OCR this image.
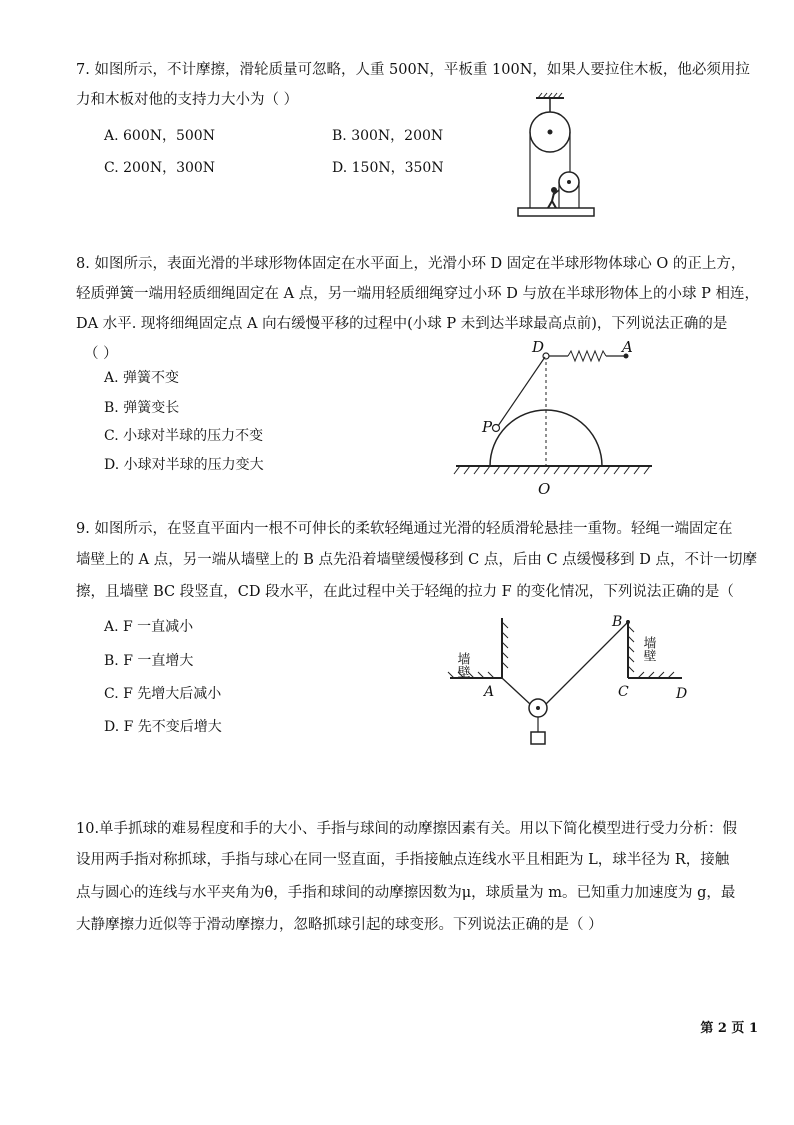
7. 如图所示，不计摩擦，滑轮质量可忽略，人重 500N，平板重 100N，如果人要拉住木板，他必须用拉
力和木板对他的支持力大小为（ ）
A. 600N，500N	B. 300N，200N
C. 200N，300N	D. 150N，350N
8. 如图所示，表面光滑的半球形物体固定在水平面上，光滑小环 D 固定在半球形物体球心 O 的正上方，
轻质弹簧一端用轻质细绳固定在 A 点，另一端用轻质细绳穿过小环 D 与放在半球形物体上的小球 P 相连，
DA 水平. 现将细绳固定点 A 向右缓慢平移的过程中(小球 P 未到达半球最高点前)，下列说法正确的是
（ ）
A. 弹簧不变
B. 弹簧变长
C. 小球对半球的压力不变
D. 小球对半球的压力变大
D	A
P
O
9. 如图所示，在竖直平面内一根不可伸长的柔软轻绳通过光滑的轻质滑轮悬挂一重物。轻绳一端固定在
墙壁上的 A 点，另一端从墙壁上的 B 点先沿着墙壁缓慢移到 C 点，后由 C 点缓慢移到 D 点，不计一切摩
擦，且墙壁 BC 段竖直，CD 段水平，在此过程中关于轻绳的拉力 F 的变化情况，下列说法正确的是（
A. F 一直减小
B. F 一直增大
C. F 先增大后减小
D. F 先不变后增大
墙壁
墙壁
A
B
C	D
10.单手抓球的难易程度和手的大小、手指与球间的动摩擦因素有关。用以下简化模型进行受力分析：假
设用两手指对称抓球，手指与球心在同一竖直面，手指接触点连线水平且相距为 L，球半径为 R，接触
点与圆心的连线与水平夹角为θ，手指和球间的动摩擦因数为μ，球质量为 m。已知重力加速度为 g，最
大静摩擦力近似等于滑动摩擦力，忽略抓球引起的球变形。下列说法正确的是（ ）
第 2 页 1
